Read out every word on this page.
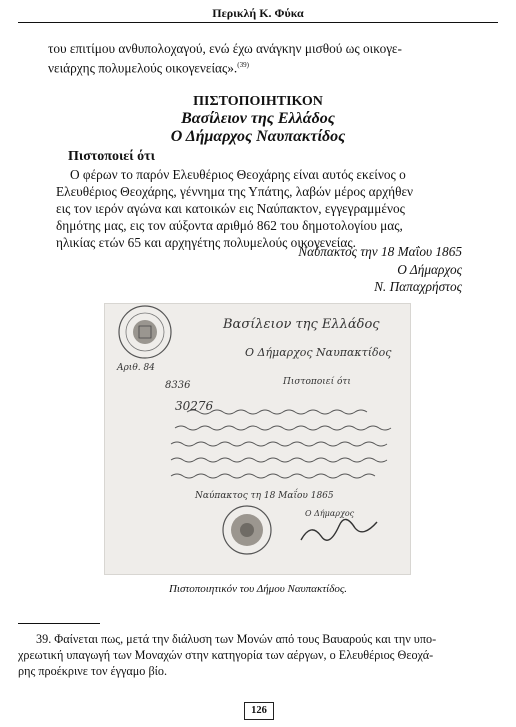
Περικλή Κ. Φύκα
του επιτίμου ανθυπολοχαγού, ενώ έχω ανάγκην μισθού ως οικογε-
νειάρχης πολυμελούς οικογενείας».$^{(39)}$
ΠΙΣΤΟΠΟΙΗΤΙΚΟΝ
Βασίλειον της Ελλάδος
Ο Δήμαρχος Ναυπακτίδος
Πιστοποιεί ότι
Ο φέρων το παρόν Ελευθέριος Θεοχάρης είναι αυτός εκείνος ο
Ελευθέριος Θεοχάρης, γέννημα της Υπάτης, λαβών μέρος αρχήθεν
εις τον ιερόν αγώνα και κατοικών εις Ναύπακτον, εγγεγραμμένος
δημότης μας, εις τον αύξοντα αριθμό 862 του δημοτολογίου μας,
ηλικίας ετών 65 και αρχηγέτης πολυμελούς οικογενείας.
Ναύπακτος την 18 Μαΐου 1865
Ο Δήμαρχος
Ν. Παπαχρήστος
Βασίλειον της Ελλάδος
Ο Δήμαρχος Ναυπακτίδος
Πιστοποιεί ότι
Αριθ. 84
8336
30276
Ναύπακτος τη 18 Μαΐου 1865
Ο Δήμαρχος
Πιστοποιητικόν του Δήμου Ναυπακτίδος.
39. Φαίνεται πως, μετά την διάλυση των Μονών από τους Βαυαρούς και την υπο-
χρεωτική υπαγωγή των Μοναχών στην κατηγορία των αέργων, ο Ελευθέριος Θεοχά-
ρης προέκρινε τον έγγαμο βίο.
126
